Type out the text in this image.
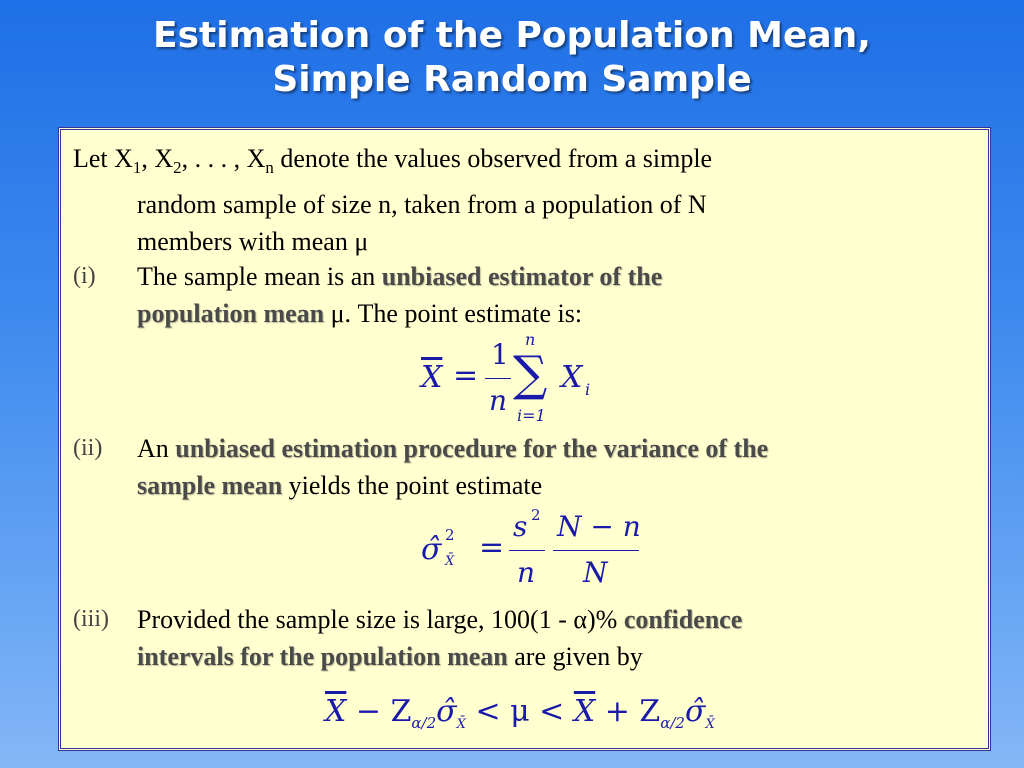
Estimation of the Population Mean,
Simple Random Sample
Let $X_1$, $X_2$, . . . , $X_n$ denote the values observed from a simple
random sample of size n, taken from a population of N
members with mean μ
(i) The sample mean is an unbiased estimator of the
population mean μ. The point estimate is:
$\overline{X}$ =
1
n ∑
n
i=1
X i
(ii) An unbiased estimation procedure for the variance of the
sample mean yields the point estimate
σ̂ 2
X̄ =
s 2
n
N − n
N
(iii) Provided the sample size is large, 100(1 - α)% confidence
intervals for the population mean are given by
$\overline{X}$ − $Z_{\alpha/2}\sigmâ_{X̄} < \mu < \overline{X}$ + $Z_{\alpha/2}\sigmâ_{X̄}$
